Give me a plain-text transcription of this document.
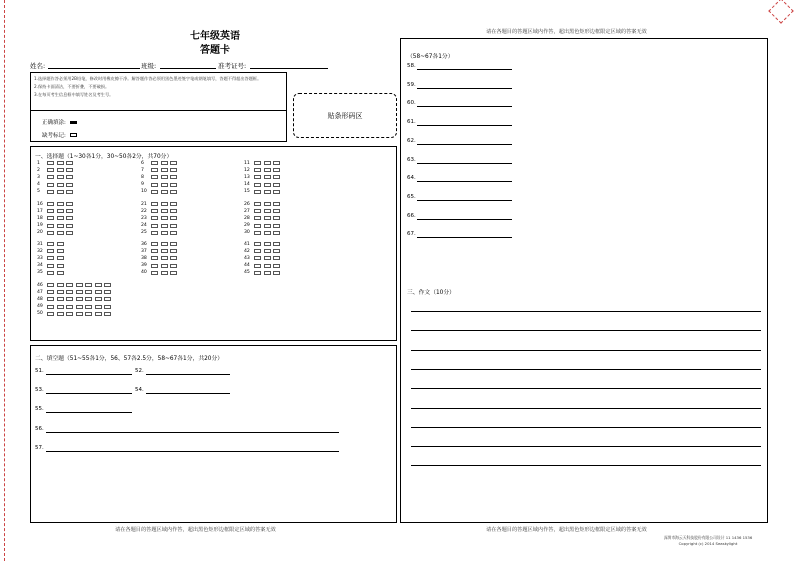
七年级英语
答题卡
姓名:	班级:	准考证号:
1.选择题作答必须用2B铅笔，修改时用橡皮擦干净。解答题作答必须用黑色墨迹签字笔或钢笔填写，答题不得超出答题框。
2.保持卡面清洁，不要折叠，不要破损。
3.在每页考生信息框中填写姓名及考生号。
正确填涂:
缺考标记:
贴条形码区
一、选择题（1~30各1分，30~50各2分，共70分）
1
2
3
4
5
6
7
8
9
10
11
12
13
14
15
16
17
18
19
20
21
22
23
24
25
26
27
28
29
30
31
32
33
34
35
36
37
38
39
40
41
42
43
44
45
46
47
48
49
50
二、填空题（51~55各1分，56、57各2.5分，58~67各1分，共20分）
51.	52.
53.	54.
55.
56.
57.
请在各题目的答题区域内作答，超出黑色矩形边框限定区域的答案无效
请在各题目的答题区域内作答，超出黑色矩形边框限定区域的答案无效
（58~67各1分）
58.
59.
60.
61.
62.
63.
64.
65.
66.
67.
三、作文（10分）
请在各题目的答题区域内作答，超出黑色矩形边框限定区域的答案无效
深圳市海云天科技股份有限公司设计 11 1436 1536
Copyright (c) 2014 Seaskylight
